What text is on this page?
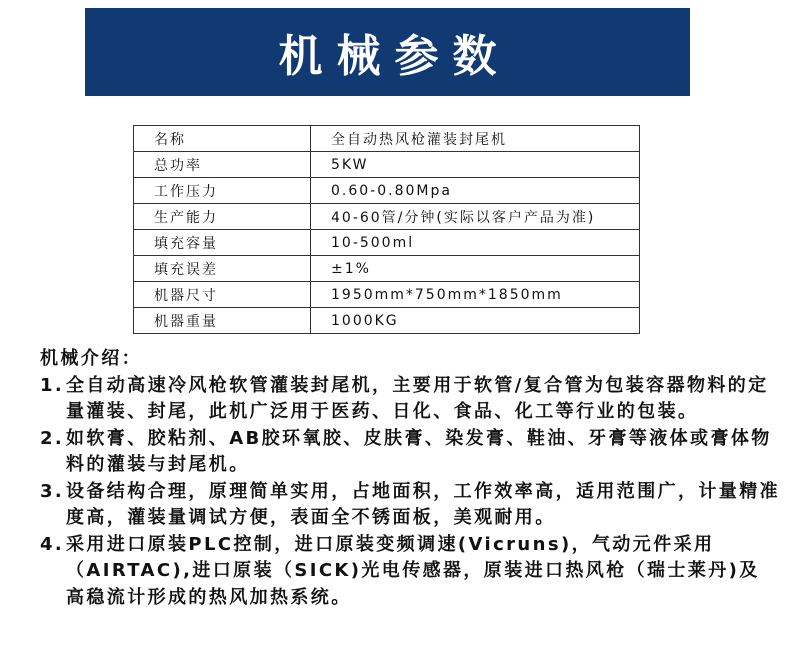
机械参数
名称	全自动热风枪灌装封尾机
总功率	5KW
工作压力	0.60-0.80Mpa
生产能力	40-60管/分钟(实际以客户产品为准)
填充容量	10-500ml
填充误差	±1%
机器尺寸	1950mm*750mm*1850mm
机器重量	1000KG
机械介绍：
1. 全自动高速冷风枪软管灌装封尾机，主要用于软管/复合管为包装容器物料的定量灌装、封尾，此机广泛用于医药、日化、食品、化工等行业的包装。
2. 如软膏、胶粘剂、AB胶环氧胶、皮肤膏、染发膏、鞋油、牙膏等液体或膏体物料的灌装与封尾机。
3. 设备结构合理，原理简单实用，占地面积，工作效率高，适用范围广，计量精准度高，灌装量调试方便，表面全不锈面板，美观耐用。
4. 采用进口原装PLC控制，进口原装变频调速(Vicruns)，气动元件采用（AIRTAC),进口原装（SICK)光电传感器，原装进口热风枪（瑞士莱丹)及高稳流计形成的热风加热系统。
